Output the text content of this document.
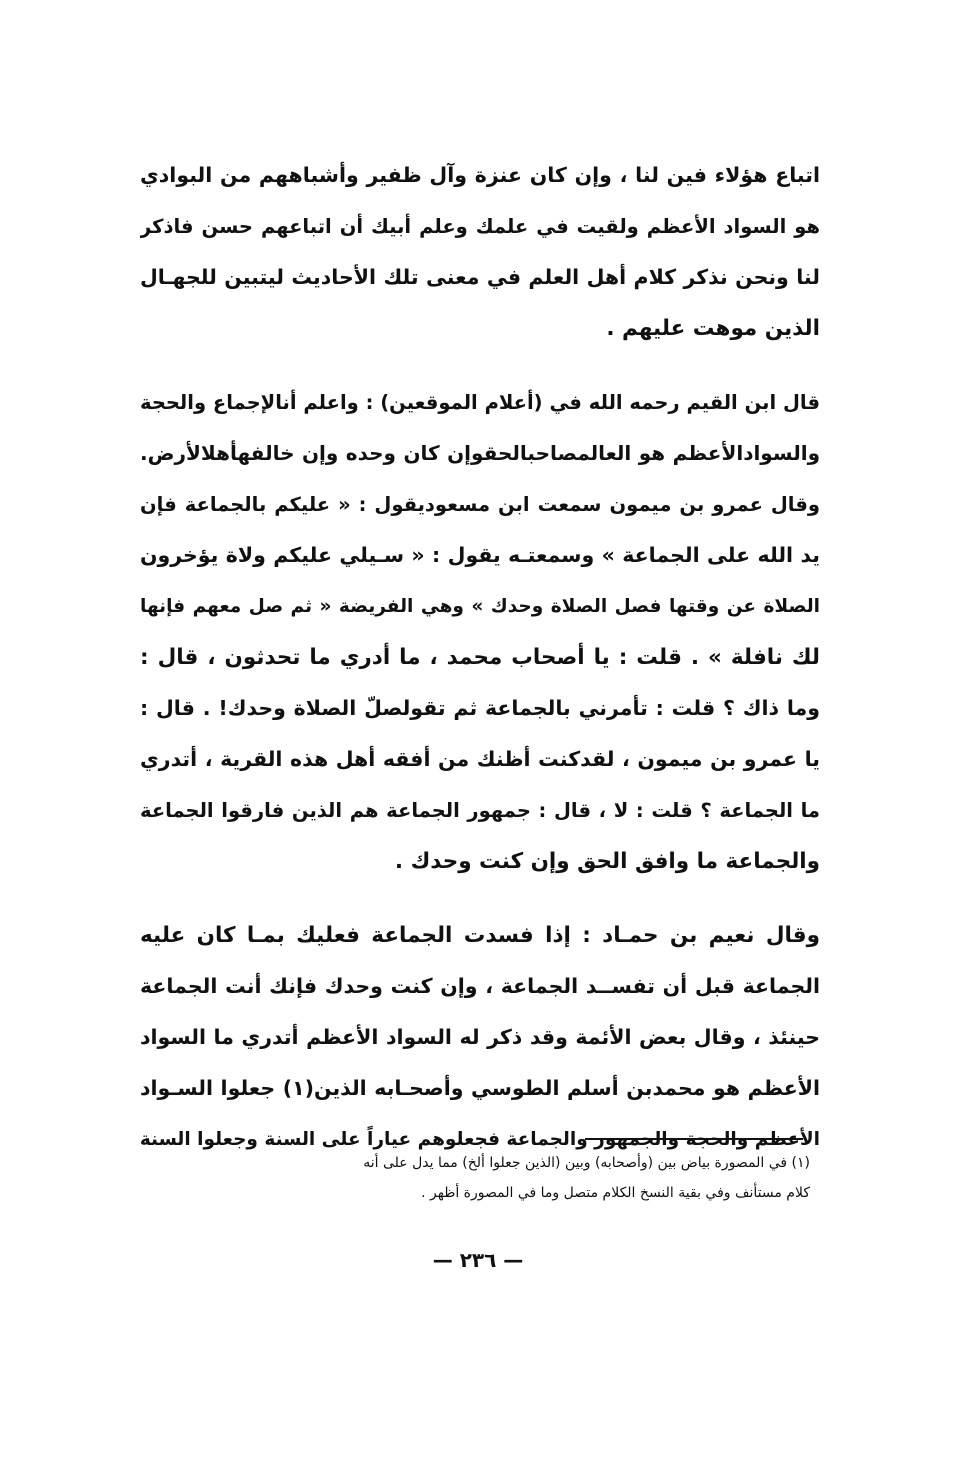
اتباع هؤلاء فين لنا ، وإن كان عنزة وآل ظفير وأشباههم من البوادي
هو السواد الأعظم ولقيت في علمك وعلم أبيك أن اتباعهم حسن فاذكر
لنا ونحن نذكر كلام أهل العلم في معنى تلك الأحاديث ليتبين للجهـال
الذين موهت عليهم .
قال ابن القيم رحمه الله في (أعلام الموقعين) : واعلم أنالإجماع والحجة
والسوادالأعظم هو العالمصاحبالحقوإن كان وحده وإن خالفهأهلالأرض.
وقال عمرو بن ميمون سمعت ابن مسعوديقول : « عليكم بالجماعة فإن
يد الله على الجماعة » وسمعتـه يقول : « سـيلي عليكم ولاة يؤخرون
الصلاة عن وقتها فصل الصلاة وحدك » وهي الفريضة « ثم صل معهم فإنها
لك نافلة » . قلت : يا أصحاب محمد ، ما أدري ما تحدثون ، قال :
وما ذاك ؟ قلت : تأمرني بالجماعة ثم تقولصلّ الصلاة وحدك! . قال :
يا عمرو بن ميمون ، لقدكنت أظنك من أفقه أهل هذه القرية ، أتدري
ما الجماعة ؟ قلت : لا ، قال : جمهور الجماعة هم الذين فارقوا الجماعة
والجماعة ما وافق الحق وإن كنت وحدك .
وقال نعيم بن حمـاد : إذا فسدت الجماعة فعليك بمـا كان عليه
الجماعة قبل أن تفســد الجماعة ، وإن كنت وحدك فإنك أنت الجماعة
حينئذ ، وقال بعض الأئمة وقد ذكر له السواد الأعظم أتدري ما السواد
الأعظم هو محمدبن أسلم الطوسي وأصحـابه الذين(١) جعلوا السـواد
الأعظم والحجة والجمهور والجماعة فجعلوهم عياراً على السنة وجعلوا السنة
(١) في المصورة بياض بين (وأصحابه) وبين (الذين جعلوا ألخ) مما يدل على أنه
كلام مستأنف وفي بقية النسخ الكلام متصل وما في المصورة أظهر .
— ٢٣٦ —
